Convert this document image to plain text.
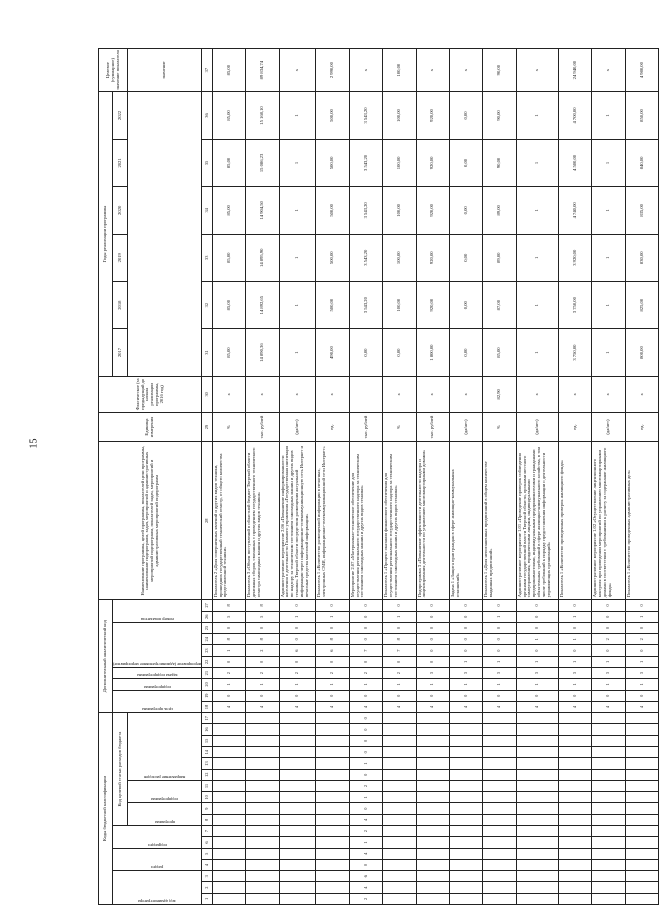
15
Коды бюджетной классификации																	Дополнительный аналитический код										Наименование программы, целей программы, показателей цели программы, наименование подпрограмм, задач, мероприятий и административных мероприятий подпрограмм, показателей задач, мероприятий и административных мероприятий подпрограмм	Единица измерения	Фактическое (за предыдущий до начала реализации программы, 2016 год)	Годы реализации программы						Целевое (суммарное) значение показателя

код администратора			раздел		подраздел		Код целевой статьи расходов бюджета										цель программы		подпрограмма	задача подпрограммы	мероприятие (административное мероприятие)				номер показателя					2017	2018	2019	2020	2021	2022	

							программа		подпрограмма		направление расходов																									значение
1	2	3	4	5	6	7	8	9	10	11	12	13	14	15	16	17	18	19	20	21	22	23	24	25	26	27	28	29	30	31	32	33	34	35	36	37
																	4	0	1	2	0	1	8	0	5	8	Показатель 2 «Доля совершенных явлений и других видов техники, прошедших государственный технический осмотр, от общего количества представленной техники»	%	х	85,00	85,00	85,00	85,00	85,00	85,00	85,00
																	4	0	1	2	0	2	8	0	5	8	Показатель 3 «Объем поступлений в областной бюджет Тверской области денежных сборов, связанных с проведением государственного технического осмотра самоходных машин и других видов техники»	тыс. рублей	х	14 890,36	14 892,65	14 895,90	14 904,50	15 086,23	15 168,10	89 834,74
																	4	0	1	2	0	6	0	0	1	0	Административное мероприятие 2.06 «Повышение информированности населения о деятельности Главного управления «Государственная инспекция по надзору за техническим состоянием самоходных машин и других видов техники» Тверской области посредством размещения актуальной информации через информационно-телекоммуникационную сеть Интернет и печатные средства массовой информации»	(да/нет)	х	1	1	1	1	1	1	х
																	4	0	1	2	0	6	8	0	1	0	Показатель 1 «Количество размещенной информации в печатных, электронных СМИ, информационно-телекоммуникационной сети Интернет»	ед.	х	490,00	500,00	500,00	500,00	500,00	500,00	2 990,00
2	4	6	0	4	1	2	4	0	1	2	0	1	0	0	0	0	4	0	1	2	0	7	0	0	0	0	Мероприятие 2.07 «Материально-техническое обеспечение для осуществления регионального государственного надзора за техническим состоянием самоходных машин и других видов техники»	тыс. рублей		0,00	3 543,20	3 543,20	3 543,20	3 543,20	3 543,20	х
																	4	0	1	2	0	7	8	0	1	0	Показатель 1 «Процент оказания финансового обеспечения для осуществления регионального государственного надзора за техническим состоянием самоходных машин и других видов техники»	%	х	0,00	100,00	100,00	100,00	100,00	100,00	100,00
																	4	0	1	3	0	0	0	0	0	0	Подпрограмма 3 «Повышение эффективности деятельности надзора и лицензирования деятельности по управлению многоквартирными домами»	тыс. рублей	х	1 800,00	920,00	920,00	920,00	920,00	920,00	х
																	4	0	1	3	1	0	0	0	0	0	Задача 1 «Защита прав граждан в сфере жилищно-коммунальных отношений»	(да/нет)	х	0,00	0,00	0,00	0,00	0,00	0,00	х
																	4	0	1	3	1	0	0	0	1	0	Показатель 1 «Доля непогашенных предписаний в общем количестве выданных предписаний»	%	82,90	85,00	87,00	89,00	89,00	90,00	90,00	90,00
																	4	0	1	3	1	0	1	0	0	0	Административное мероприятие 1.01 «Проведение проверок соблюдения органами государственной власти Тверской области, органами местного самоуправления, юридическими лицами, индивидуальными предпринимателями, индивидуальными предпринимателями и гражданами обязательных требований в сфере жилищно-коммунального хозяйства, в том числе требований к порядку предоставления информации о деятельности управляющих организаций»	(да/нет)	х	1	1	1	1	1	1	х
																	4	0	1	3	1	0	1	0	1	0	Показатель 1 «Количество проведенных проверок жилищного фонда»	ед.	х	3 750,00	3 750,00	3 920,00	4 740,00	4 500,00	4 700,00	24 940,00
																	4	0	1	3	1	0	2	0	0	0	Административное мероприятие 1.02 «Осуществление лицензионного контроля при проведении мероприятий по управлению многоквартирными домами в соответствии с требованиями к расчету за содержание жилищного фонда»	(да/нет)	х	1	1	1	1	1	1	х
																	4	0	1	3	1	0	2	0	1	0	Показатель 1 «Количество проведенных административных дел»	ед.	х	800,00	825,00	830,00	835,00	840,00	850,00	4 980,00
